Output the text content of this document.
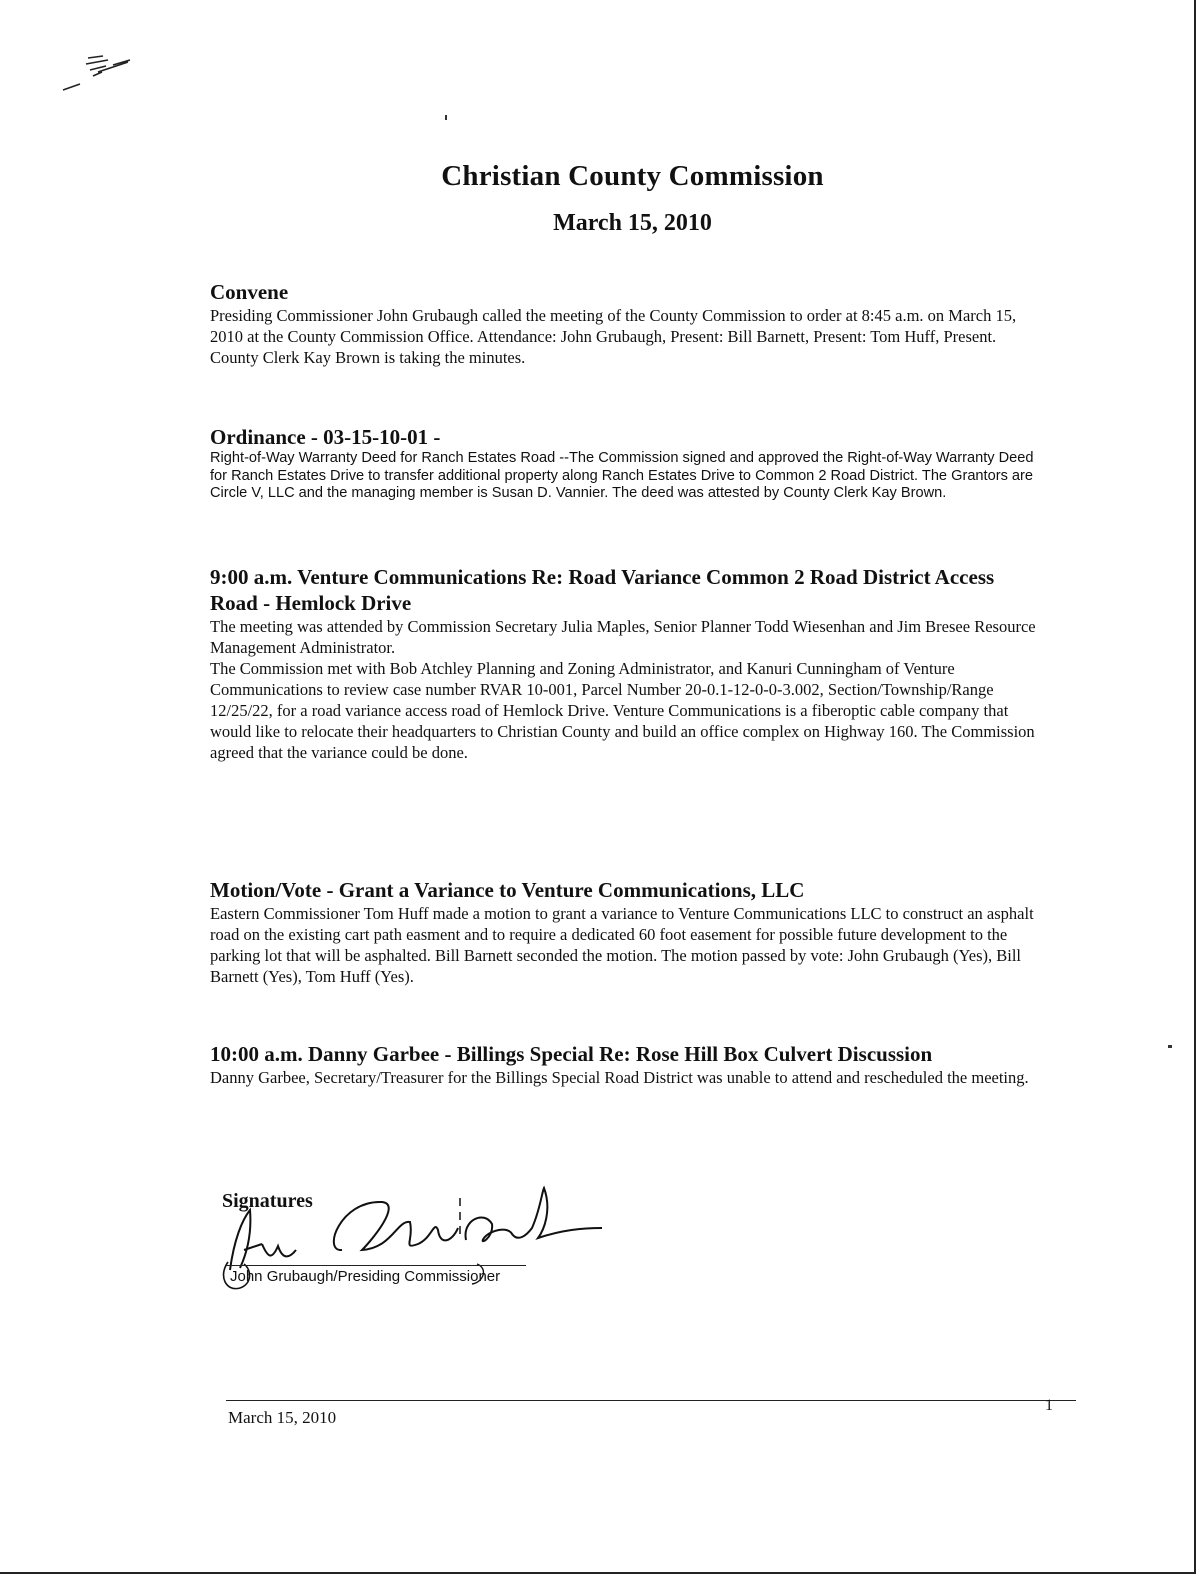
Christian County Commission
March 15, 2010
Convene

Presiding Commissioner John Grubaugh called the meeting of the County Commission to order at 8:45 a.m. on March 15, 2010 at the County Commission Office. Attendance: John Grubaugh, Present: Bill Barnett, Present: Tom Huff, Present. County Clerk Kay Brown is taking the minutes.

Ordinance - 03-15-10-01 -

Right-of-Way Warranty Deed for Ranch Estates Road --The Commission signed and approved the Right-of-Way Warranty Deed for Ranch Estates Drive to transfer additional property along Ranch Estates Drive to Common 2 Road District. The Grantors are Circle V, LLC and the managing member is Susan D. Vannier. The deed was attested by County Clerk Kay Brown.

9:00 a.m. Venture Communications Re: Road Variance Common 2 Road District Access Road - Hemlock Drive

The meeting was attended by Commission Secretary Julia Maples, Senior Planner Todd Wiesenhan and Jim Bresee Resource Management Administrator.

The Commission met with Bob Atchley Planning and Zoning Administrator, and Kanuri Cunningham of Venture Communications to review case number RVAR 10-001, Parcel Number 20-0.1-12-0-0-3.002, Section/Township/Range 12/25/22, for a road variance access road of Hemlock Drive. Venture Communications is a fiberoptic cable company that would like to relocate their headquarters to Christian County and build an office complex on Highway 160. The Commission agreed that the variance could be done.

Motion/Vote - Grant a Variance to Venture Communications, LLC

Eastern Commissioner Tom Huff made a motion to grant a variance to Venture Communications LLC to construct an asphalt road on the existing cart path easment and to require a dedicated 60 foot easement for possible future development to the parking lot that will be asphalted. Bill Barnett seconded the motion. The motion passed by vote: John Grubaugh (Yes), Bill Barnett (Yes), Tom Huff (Yes).

10:00 a.m. Danny Garbee - Billings Special Re: Rose Hill Box Culvert Discussion

Danny Garbee, Secretary/Treasurer for the Billings Special Road District was unable to attend and rescheduled the meeting.

Signatures
John Grubaugh/Presiding Commissioner
March 15, 2010
1
